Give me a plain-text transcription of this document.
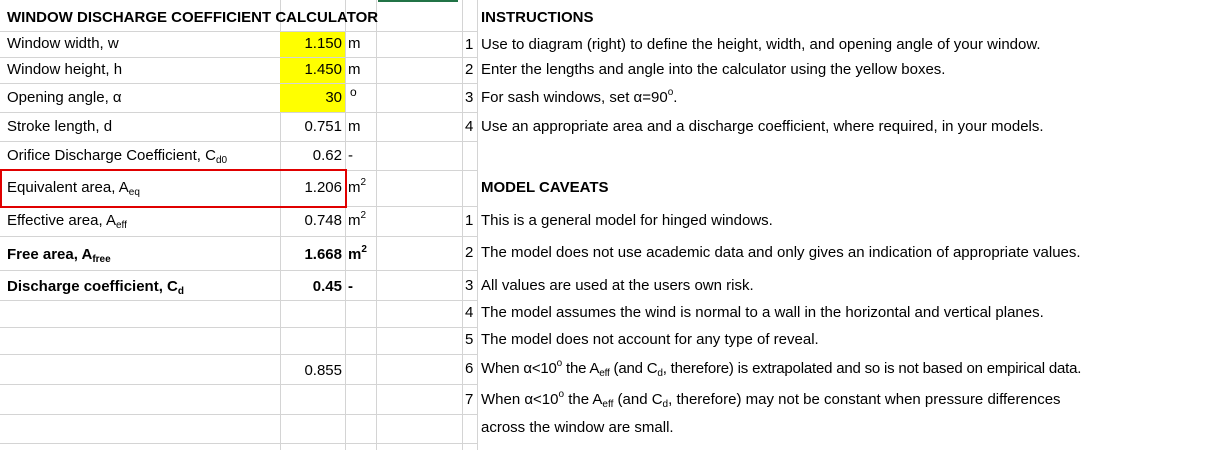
WINDOW DISCHARGE COEFFICIENT CALCULATOR
Window width, w	1.150 m
Window height, h	1.450 m
Opening angle, α	30 o
Stroke length, d	0.751 m
Orifice Discharge Coefficient, $C_{d0}$	0.62 -
Equivalent area, $A_{eq}$	1.206 $m^2$
Effective area, $A_{eff}$	0.748 $m^2$
Free area, $A_{free}$	1.668 $m^2$
Discharge coefficient, $C_d$	0.45 -
0.855
INSTRUCTIONS
1 Use to diagram (right) to define the height, width, and opening angle of your window.
2 Enter the lengths and angle into the calculator using the yellow boxes.
3 For sash windows, set $\alpha=90^o$.
4 Use an appropriate area and a discharge coefficient, where required, in your models.
MODEL CAVEATS
1 This is a general model for hinged windows.
2 The model does not use academic data and only gives an indication of appropriate values.
3 All values are used at the users own risk.
4 The model assumes the wind is normal to a wall in the horizontal and vertical planes.
5 The model does not account for any type of reveal.
6 When $\alpha<10^o$ the $A_{eff}$ (and $C_d$, therefore) is extrapolated and so is not based on empirical data.
7 When $\alpha<10^o$ the $A_{eff}$ (and $C_d$, therefore) may not be constant when pressure differences
across the window are small.
